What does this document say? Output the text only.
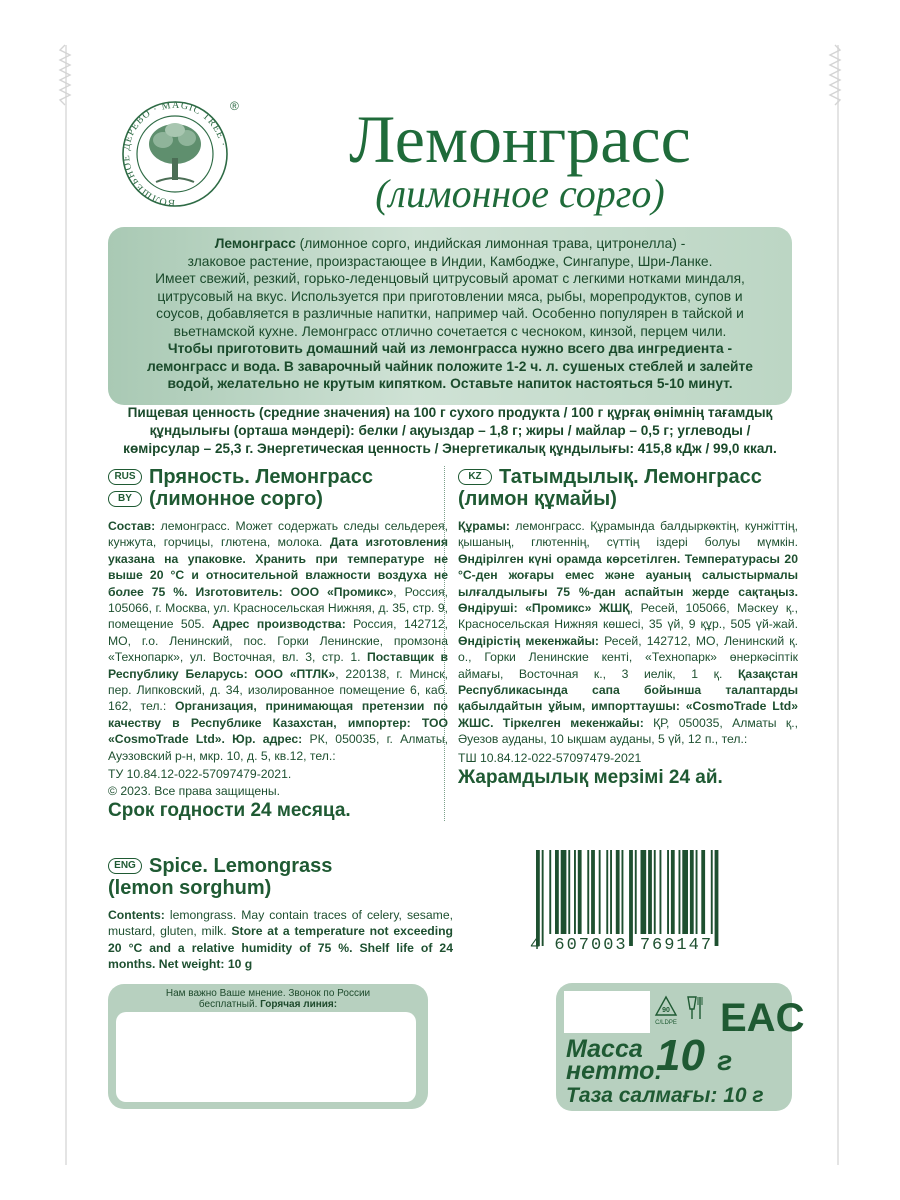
ВОЛШЕБНОЕ ДЕРЕВО · MAGIC TREE ·
®	Лемонграсс
(лимонное сорго)
Лемонграсс (лимонное сорго, индийская лимонная трава, цитронелла) -
злаковое растение, произрастающее в Индии, Камбодже, Сингапуре, Шри-Ланке.
Имеет свежий, резкий, горько-леденцовый цитрусовый аромат с легкими нотками миндаля,
цитрусовый на вкус. Используется при приготовлении мяса, рыбы, морепродуктов, супов и
соусов, добавляется в различные напитки, например чай. Особенно популярен в тайской и
вьетнамской кухне. Лемонграсс отлично сочетается с чесноком, кинзой, перцем чили.
Чтобы приготовить домашний чай из лемонграсса нужно всего два ингредиента -
лемонграсс и вода. В заварочный чайник положите 1-2 ч. л. сушеных стеблей и залейте
водой, желательно не крутым кипятком. Оставьте напиток настояться 5-10 минут.
Пищевая ценность (средние значения) на 100 г сухого продукта / 100 г құрғақ өнімнің тағамдық
құндылығы (орташа мәндері): белки / ақуыздар – 1,8 г; жиры / майлар – 0,5 г; углеводы /
көмірсулар – 25,3 г. Энергетическая ценность / Энергетикалық құндылығы: 415,8 кДж / 99,0 ккал.
RUS Пряность. Лемонграсс
BY (лимонное сорго)
Состав: лемонграсс. Может содержать следы сельдерея, кунжута, горчицы, глютена, молока. Дата изготовления указана на упаковке. Хранить при температуре не выше 20 °С и относительной влажности воздуха не более 75 %. Изготовитель: ООО «Промикс», Россия, 105066, г. Москва, ул. Красносельская Нижняя, д. 35, стр. 9, помещение 505. Адрес производства: Россия, 142712, МО, г.о. Ленинский, пос. Горки Ленинские, промзона «Технопарк», ул. Восточная, вл. 3, стр. 1. Поставщик в Республику Беларусь: ООО «ПТЛК», 220138, г. Минск, пер. Липковский, д. 34, изолированное помещение 6, каб. 162, тел.: Организация, принимающая претензии по качеству в Республике Казахстан, импортер: ТОО «CosmoTrade Ltd». Юр. адрес: РК, 050035, г. Алматы, Ауэзовский р-н, мкр. 10, д. 5, кв.12, тел.:
ТУ 10.84.12-022-57097479-2021.
© 2023. Все права защищены.
Срок годности 24 месяца.
KZ Татымдылық. Лемонграсс
(лимон құмайы)
Құрамы: лемонграсс. Құрамында балдыркөктің, кунжіттің, қышаның, глютеннің, сүттің іздері болуы мүмкін. Өндірілген күні орамда көрсетілген. Температурасы 20 °С-ден жоғары емес және ауаның салыстырмалы ылғалдылығы 75 %-дан аспайтын жерде сақтаңыз. Өндіруші: «Промикс» ЖШҚ, Ресей, 105066, Мәскеу қ., Красносельская Нижняя көшесі, 35 үй, 9 құр., 505 үй-жай. Өндірістің мекенжайы: Ресей, 142712, МО, Ленинский қ. о., Горки Ленинские кенті, «Технопарк» өнеркәсіптік аймағы, Восточная к., 3 иелік, 1 қ. Қазақстан Республикасында сапа бойынша талаптарды қабылдайтын ұйым, импорттаушы: «CosmoTrade Ltd» ЖШС. Тіркелген мекенжайы: ҚР, 050035, Алматы қ., Әуезов ауданы, 10 ықшам ауданы, 5 үй, 12 п., тел.:
ТШ 10.84.12-022-57097479-2021
Жарамдылық мерзімі 24 ай.
ENG Spice. Lemongrass
(lemon sorghum)
Contents: lemongrass. May contain traces of celery, sesame, mustard, gluten, milk. Store at a temperature not exceeding 20 °C and a relative humidity of 75 %. Shelf life of 24 months. Net weight: 10 g
4 607003 769147
Нам важно Ваше мнение. Звонок по России
бесплатный. Горячая линия:
90
C/LDPE EAC
Масса
нетто:
10 г
Таза салмағы: 10 г
